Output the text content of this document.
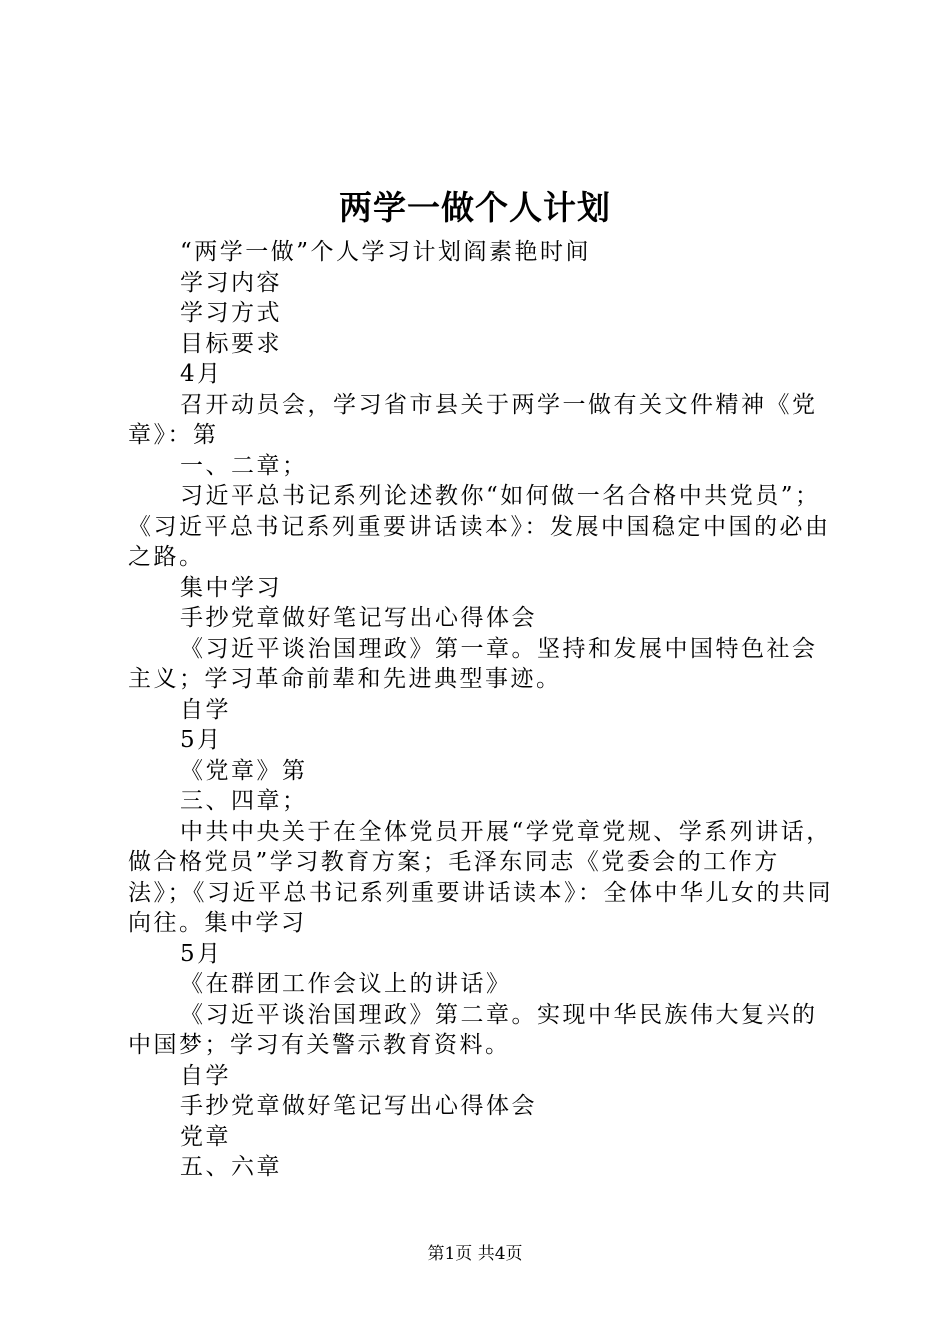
两学一做个人计划

“两学一做”个人学习计划阎素艳时间

学习内容

学习方式

目标要求

4月

召开动员会，学习省市县关于两学一做有关文件精神《党章》：第

一、二章；

习近平总书记系列论述教你“如何做一名合格中共党员”；《习近平总书记系列重要讲话读本》：发展中国稳定中国的必由之路。

集中学习

手抄党章做好笔记写出心得体会

《习近平谈治国理政》第一章。坚持和发展中国特色社会主义；学习革命前辈和先进典型事迹。

自学

5月

《党章》第

三、四章；

中共中央关于在全体党员开展“学党章党规、学系列讲话，做合格党员”学习教育方案；毛泽东同志《党委会的工作方法》；《习近平总书记系列重要讲话读本》：全体中华儿女的共同向往。集中学习

5月

《在群团工作会议上的讲话》

《习近平谈治国理政》第二章。实现中华民族伟大复兴的中国梦；学习有关警示教育资料。

自学

手抄党章做好笔记写出心得体会

党章

五、六章

第1页 共4页
